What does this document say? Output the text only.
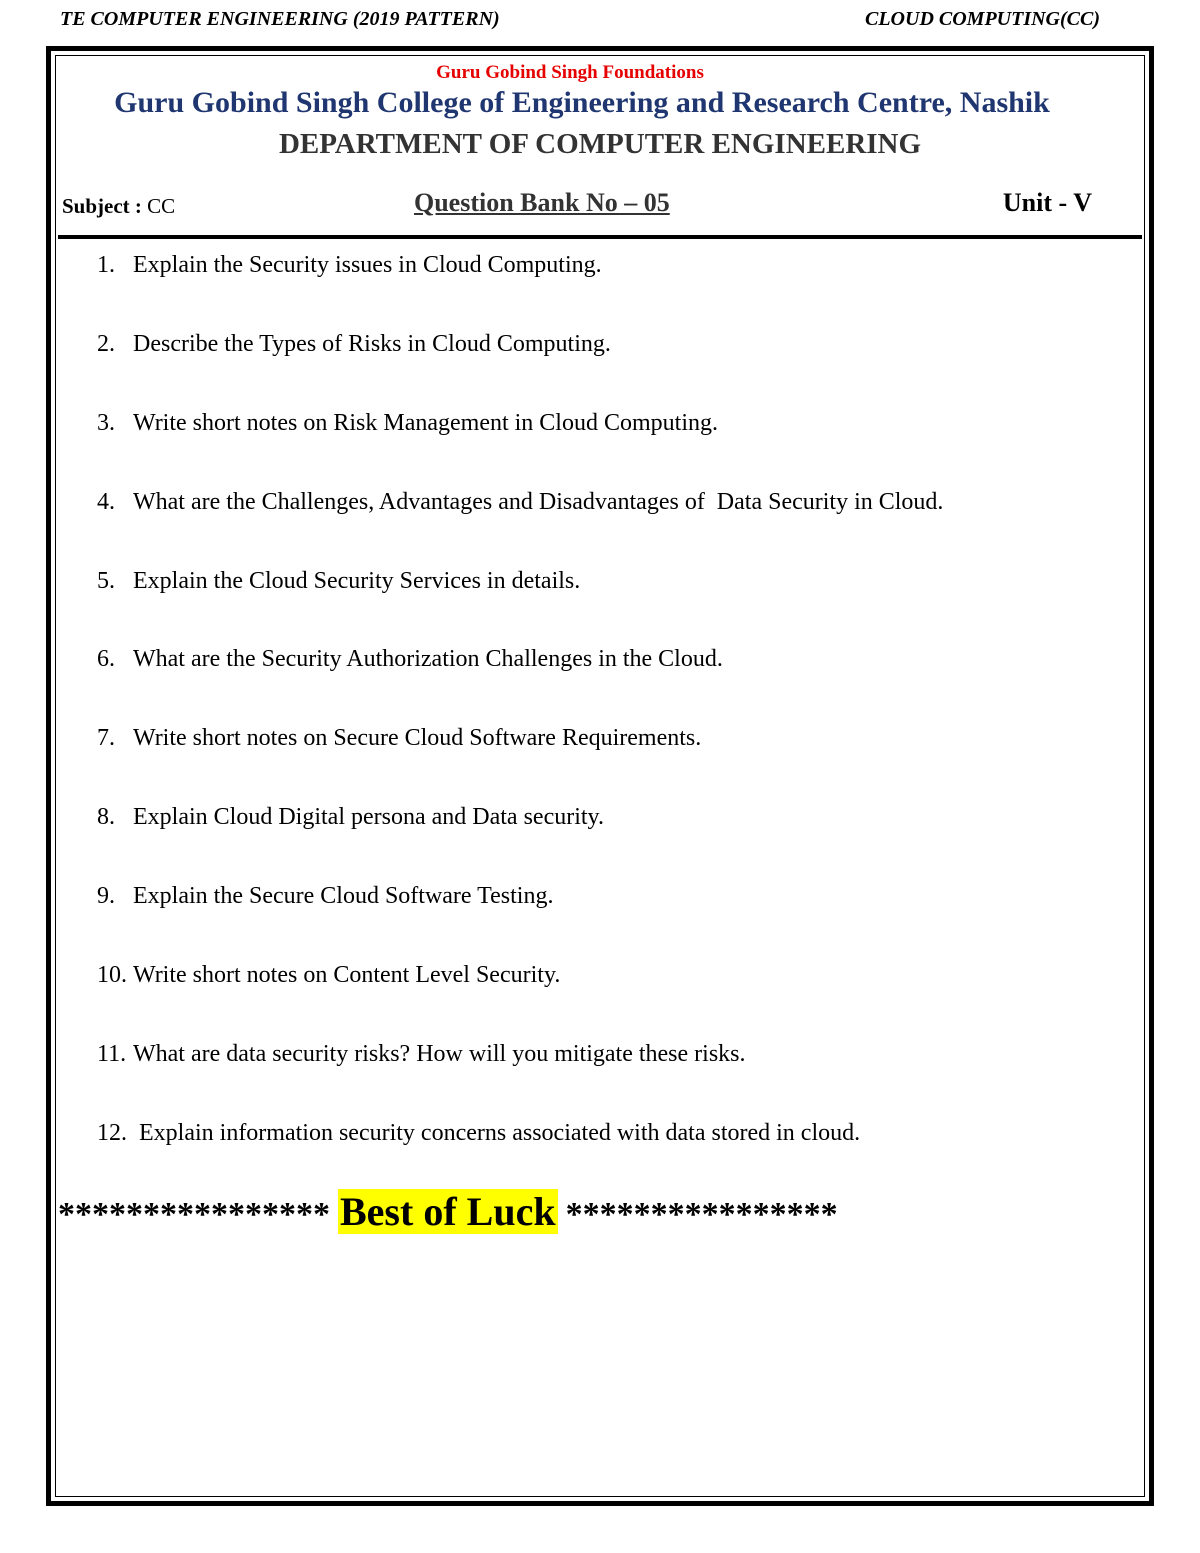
TE COMPUTER ENGINEERING (2019 PATTERN)	CLOUD COMPUTING(CC)
Guru Gobind Singh Foundations
Guru Gobind Singh College of Engineering and Research Centre, Nashik
DEPARTMENT OF COMPUTER ENGINEERING
Subject : CC	Question Bank No – 05	Unit - V
1. Explain the Security issues in Cloud Computing.
2. Describe the Types of Risks in Cloud Computing.
3. Write short notes on Risk Management in Cloud Computing.
4. What are the Challenges, Advantages and Disadvantages of  Data Security in Cloud.
5. Explain the Cloud Security Services in details.
6. What are the Security Authorization Challenges in the Cloud.
7. Write short notes on Secure Cloud Software Requirements.
8. Explain Cloud Digital persona and Data security.
9. Explain the Secure Cloud Software Testing.
10. Write short notes on Content Level Security.
11. What are data security risks? How will you mitigate these risks.
12. Explain information security concerns associated with data stored in cloud.
**************** Best of Luck ****************
